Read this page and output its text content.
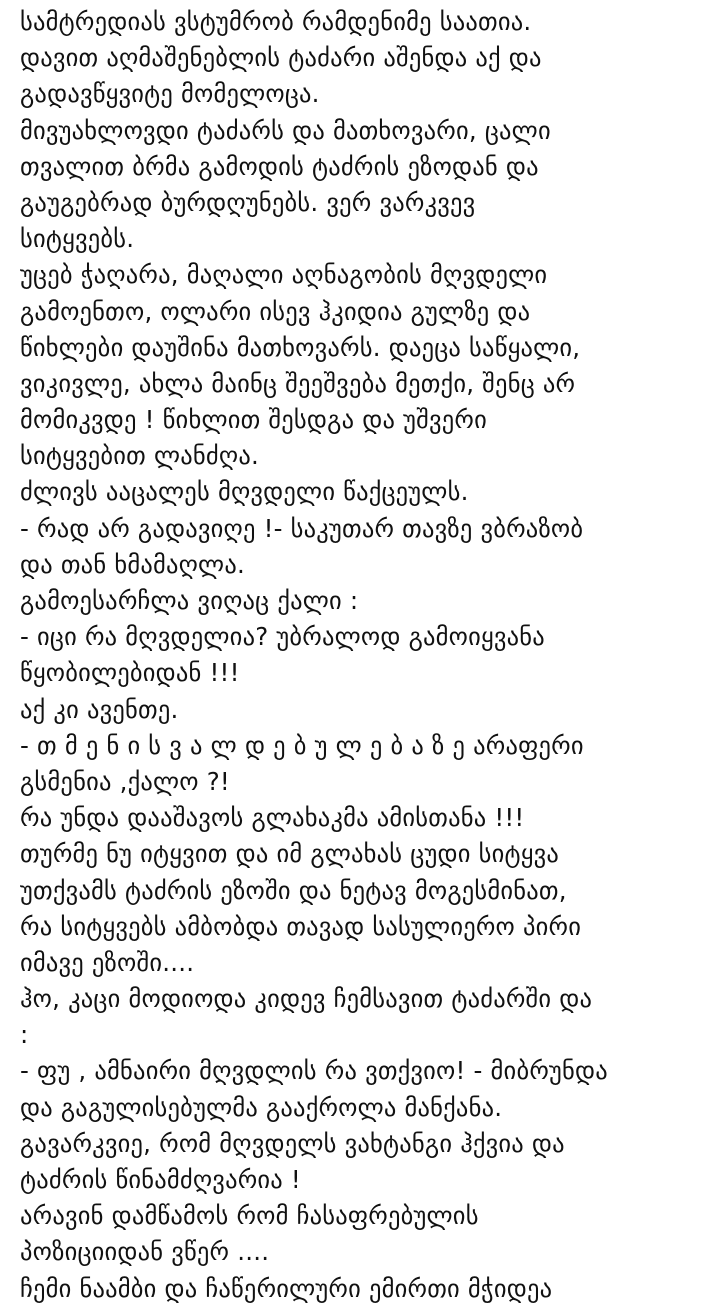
სამტრედიას ვსტუმრობ რამდენიმე საათია.
დავით აღმაშენებლის ტაძარი აშენდა აქ და
გადავწყვიტე მომელოცა.
მივუახლოვდი ტაძარს და მათხოვარი, ცალი
თვალით ბრმა გამოდის ტაძრის ეზოდან და
გაუგებრად ბურდღუნებს. ვერ ვარკვევ
სიტყვებს.
უცებ ჭაღარა, მაღალი აღნაგობის მღვდელი
გამოენთო, ოლარი ისევ ჰკიდია გულზე და
წიხლები დაუშინა მათხოვარს. დაეცა საწყალი,
ვიკივლე, ახლა მაინც შეეშვება მეთქი, შენც არ
მომიკვდე ! წიხლით შესდგა და უშვერი
სიტყვებით ლანძღა.
ძლივს ააცალეს მღვდელი წაქცეულს.
- რად არ გადავიღე !- საკუთარ თავზე ვბრაზობ
და თან ხმამაღლა.
გამოესარჩლა ვიღაც ქალი :
- იცი რა მღვდელია? უბრალოდ გამოიყვანა
წყობილებიდან !!!
აქ კი ავენთე.
- თ მ ე ნ ი ს ვ ა ლ დ ე ბ უ ლ ე ბ ა ზ ე არაფერი
გსმენია ,ქალო ?!
რა უნდა დააშავოს გლახაკმა ამისთანა !!!
თურმე ნუ იტყვით და იმ გლახას ცუდი სიტყვა
უთქვამს ტაძრის ეზოში და ნეტავ მოგესმინათ,
რა სიტყვებს ამბობდა თავად სასულიერო პირი
იმავე ეზოში....
ჰო, კაცი მოდიოდა კიდევ ჩემსავით ტაძარში და
:
- ფუ , ამნაირი მღვდლის რა ვთქვიო! - მიბრუნდა
და გაგულისებულმა გააქროლა მანქანა.
გავარკვიე, რომ მღვდელს ვახტანგი ჰქვია და
ტაძრის წინამძღვარია !
არავინ დამწამოს რომ ჩასაფრებულის
პოზიციიდან ვწერ ....
ჩემი ნაამბი და ჩაწერილური ემირთი მჭიდეა
